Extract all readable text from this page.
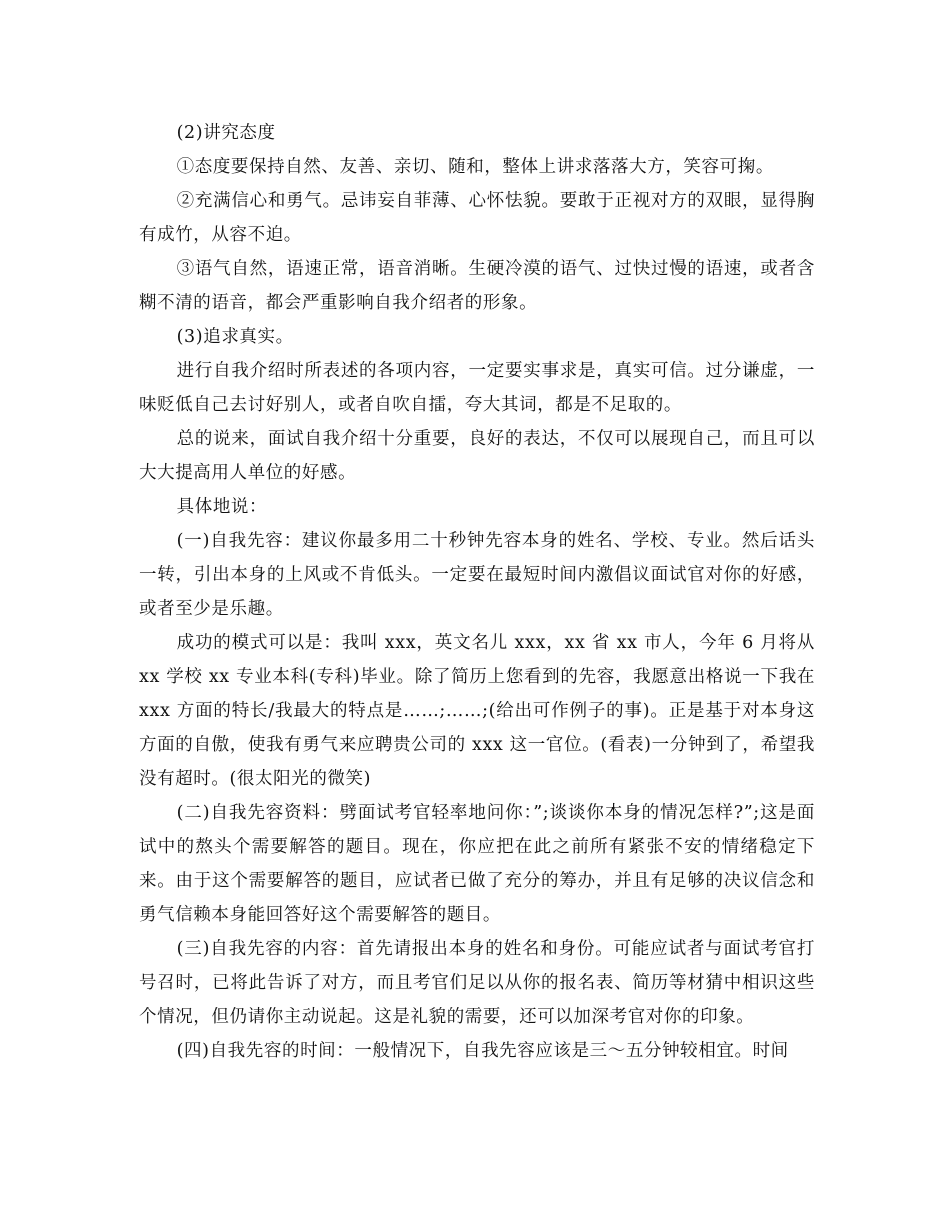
(2)讲究态度

①态度要保持自然、友善、亲切、随和，整体上讲求落落大方，笑容可掬。

②充满信心和勇气。忌讳妄自菲薄、心怀怯貌。要敢于正视对方的双眼，显得胸有成竹，从容不迫。

③语气自然，语速正常，语音消晰。生硬冷漠的语气、过快过慢的语速，或者含糊不清的语音，都会严重影响自我介绍者的形象。

(3)追求真实。

进行自我介绍时所表述的各项内容，一定要实事求是，真实可信。过分谦虚，一味贬低自己去讨好别人，或者自吹自擂，夸大其词，都是不足取的。

总的说来，面试自我介绍十分重要，良好的表达，不仅可以展现自己，而且可以大大提高用人单位的好感。

具体地说：

(一)自我先容：建议你最多用二十秒钟先容本身的姓名、学校、专业。然后话头一转，引出本身的上风或不肯低头。一定要在最短时间内激倡议面试官对你的好感，或者至少是乐趣。

成功的模式可以是：我叫 xxx，英文名儿 xxx，xx 省 xx 市人，今年 6 月将从 xx 学校 xx 专业本科(专科)毕业。除了简历上您看到的先容，我愿意出格说一下我在 xxx 方面的特长/我最大的特点是……;……;(给出可作例子的事)。正是基于对本身这方面的自傲，使我有勇气来应聘贵公司的 xxx 这一官位。(看表)一分钟到了，希望我没有超时。(很太阳光的微笑)

(二)自我先容资料：劈面试考官轻率地问你：”;谈谈你本身的情况怎样?”;这是面试中的熬头个需要解答的题目。现在，你应把在此之前所有紧张不安的情绪稳定下来。由于这个需要解答的题目，应试者已做了充分的筹办，并且有足够的决议信念和勇气信赖本身能回答好这个需要解答的题目。

(三)自我先容的内容：首先请报出本身的姓名和身份。可能应试者与面试考官打号召时，已将此告诉了对方，而且考官们足以从你的报名表、简历等材猜中相识这些个情况，但仍请你主动说起。这是礼貌的需要，还可以加深考官对你的印象。

(四)自我先容的时间：一般情况下，自我先容应该是三～五分钟较相宜。时间
